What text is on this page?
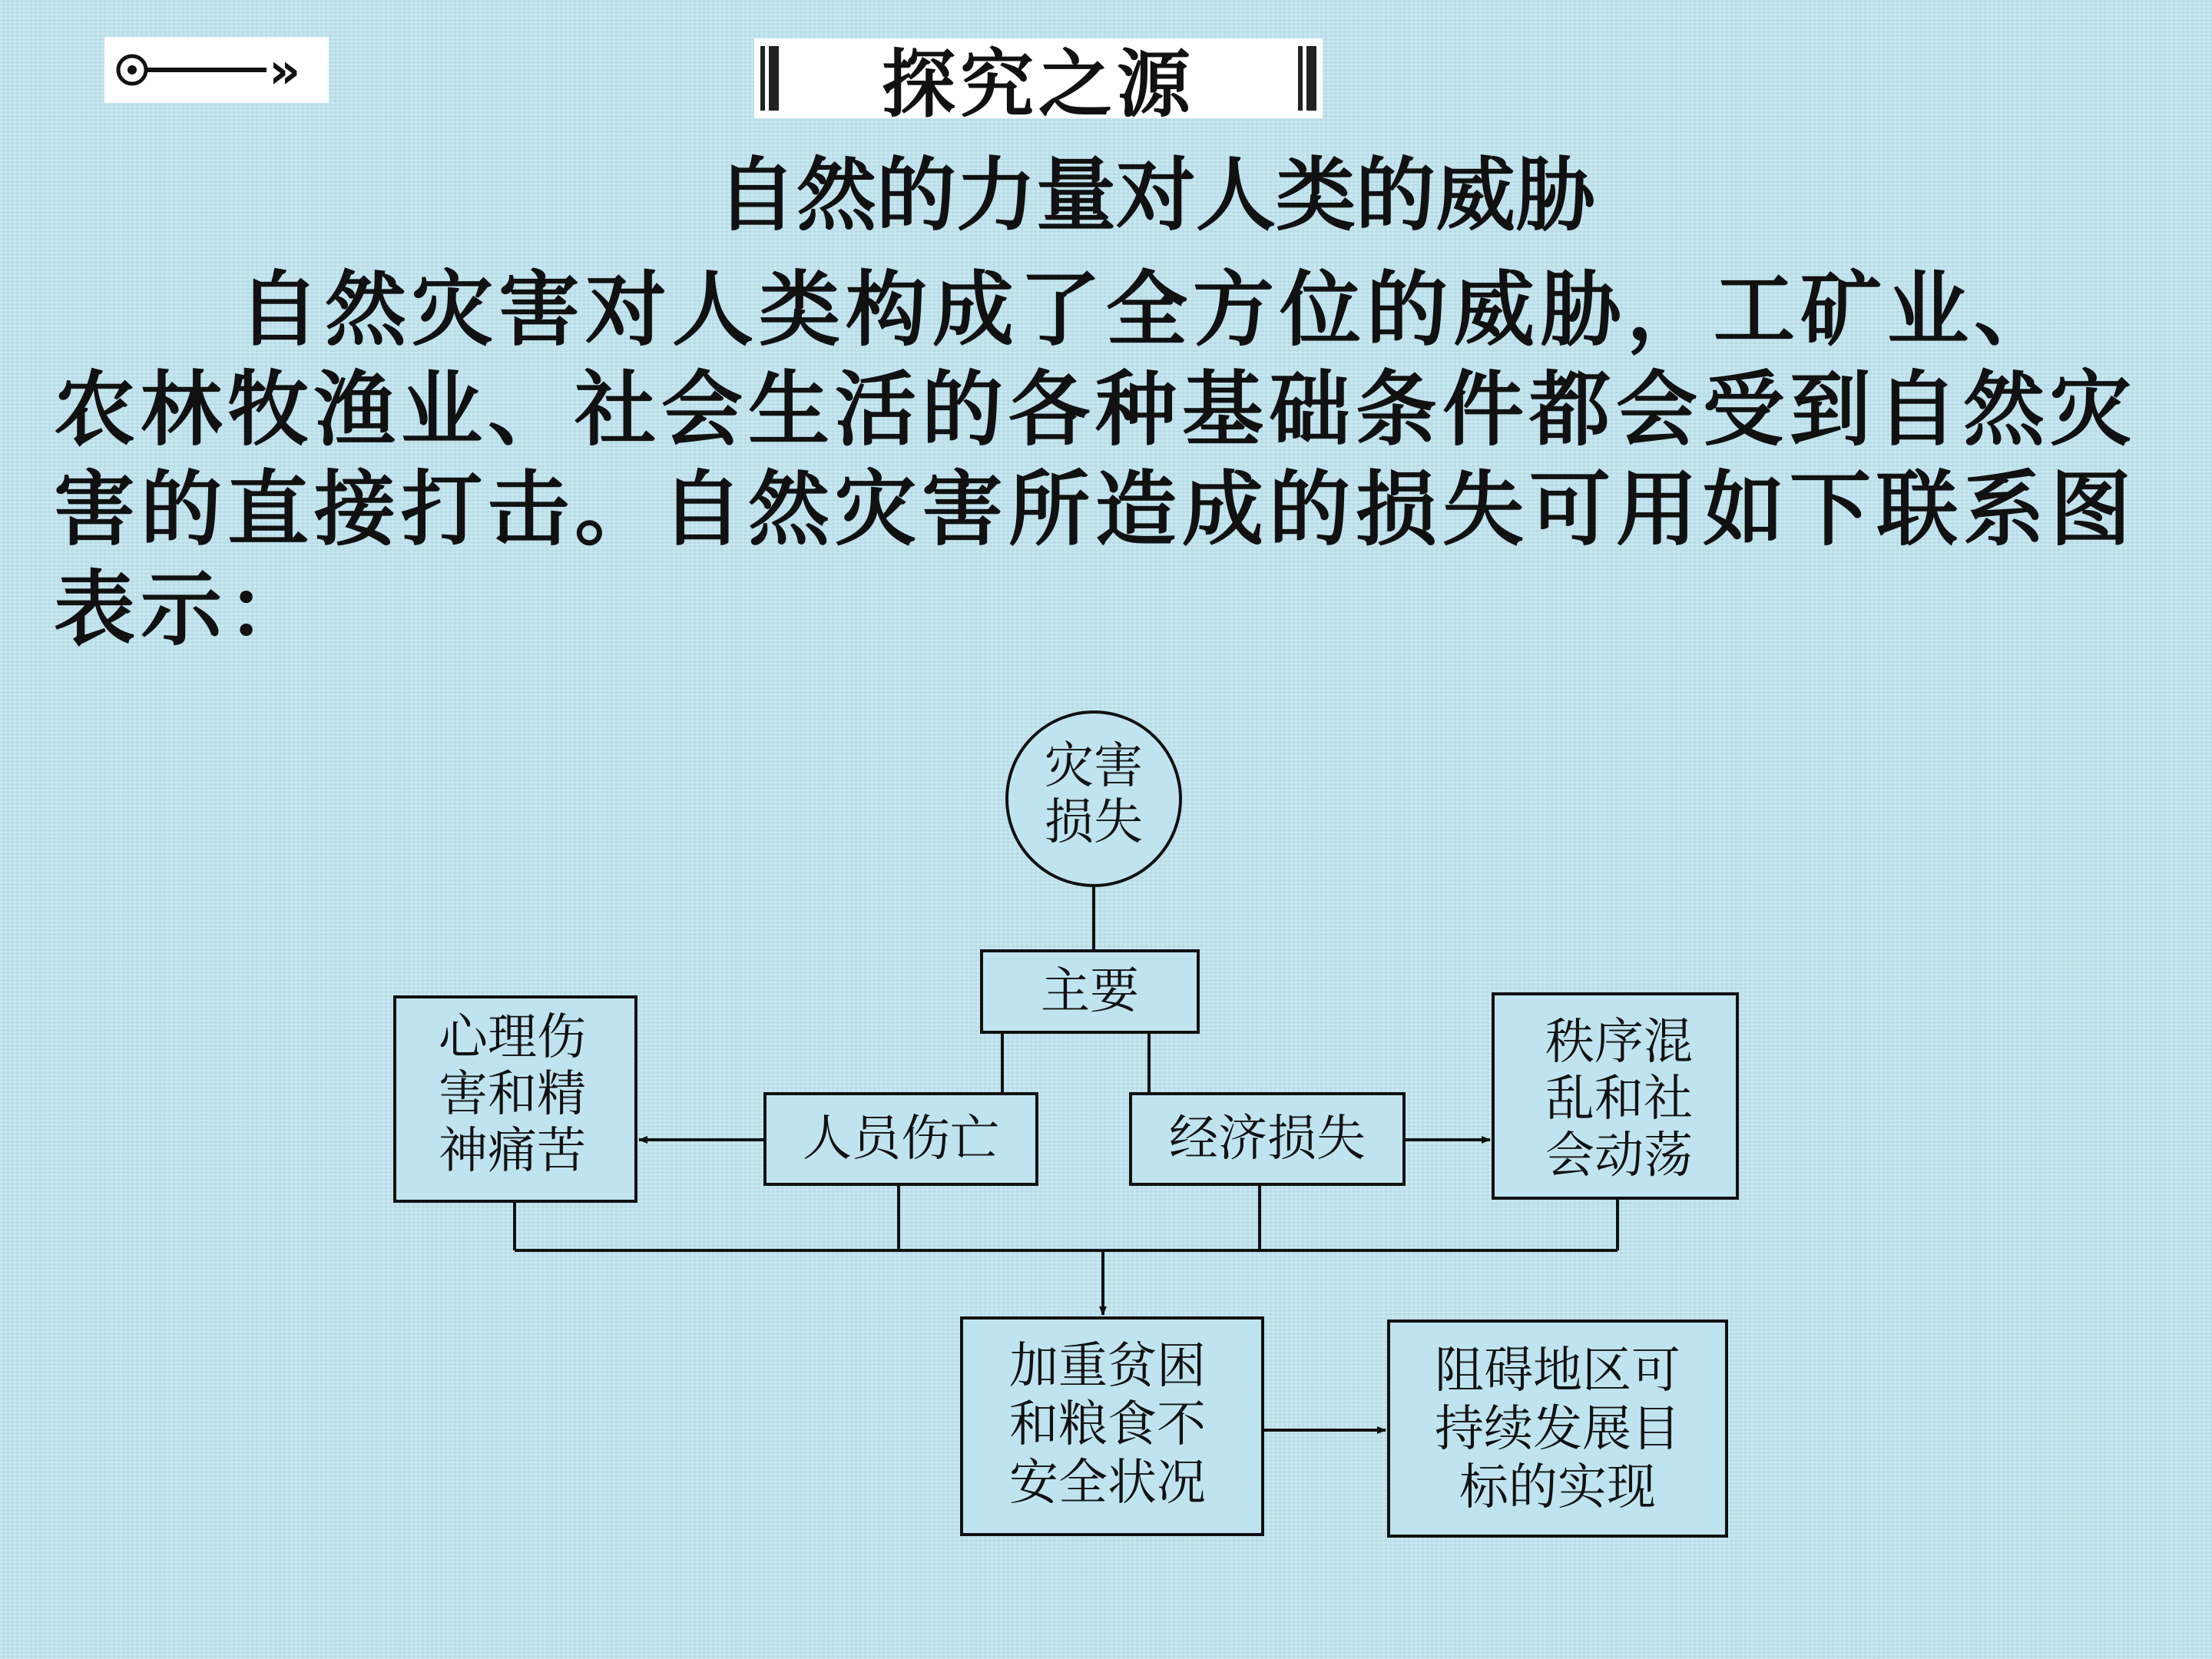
»	探究之源
自然的力量对人类的威胁

自然灾害对人类构成了全方位的威胁，工矿业、农林牧渔业、社会生活的各种基础条件都会受到自然灾害的直接打击。自然灾害所造成的损失可用如下联系图表示：

灾害
损失
主要
人员伤亡	经济损失
心理伤
害和精
神痛苦
秩序混
乱和社
会动荡
加重贫困
和粮食不
安全状况
阻碍地区可
持续发展目
标的实现
